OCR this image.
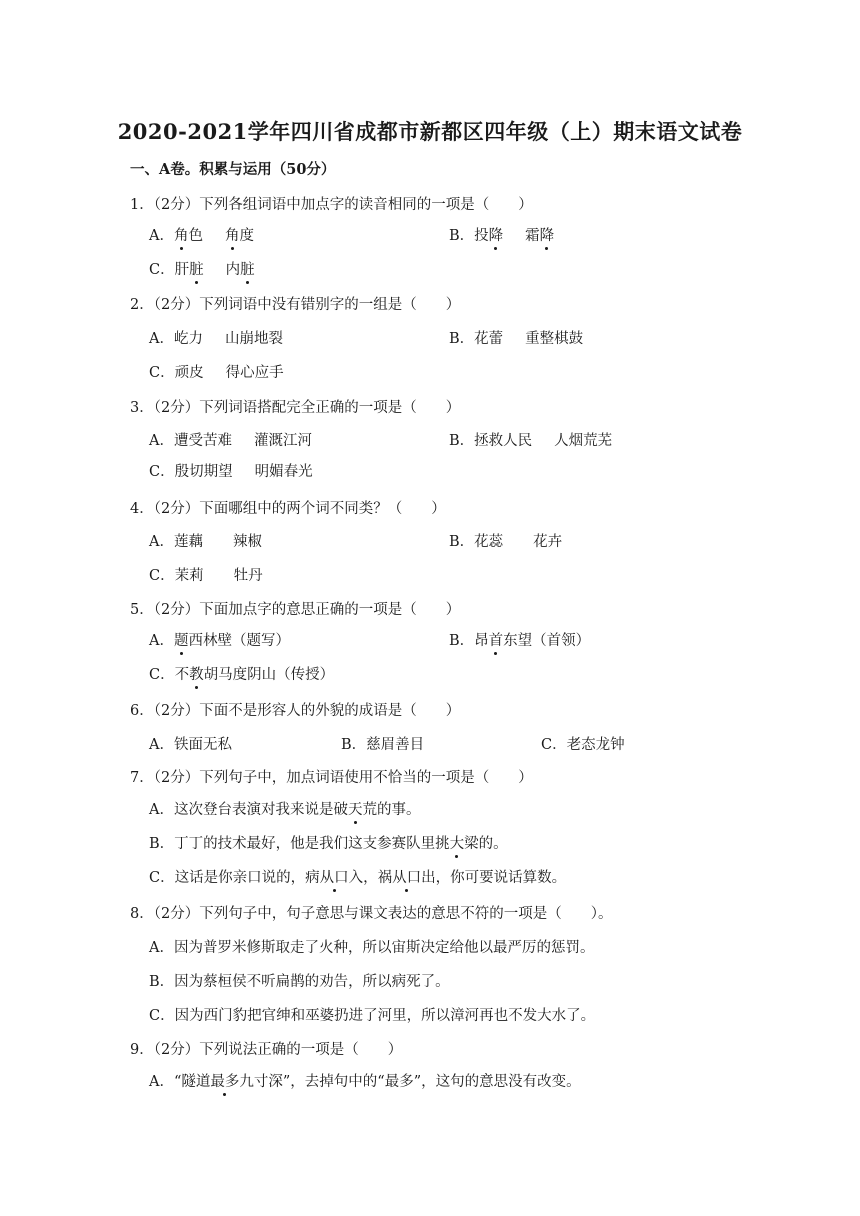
2020-2021学年四川省成都市新都区四年级（上）期末语文试卷
一、A卷。积累与运用（50分）
1．（2分）下列各组词语中加点字的读音相同的一项是（　　）
A．角色 角度	B．投降 霜降
C．肝脏 内脏
2．（2分）下列词语中没有错别字的一组是（　　）
A．屹力 山崩地裂	B．花蕾 重整棋鼓
C．顽皮 得心应手
3．（2分）下列词语搭配完全正确的一项是（　　）
A．遭受苦难 灌溉江河	B．拯救人民 人烟荒芜
C．殷切期望 明媚春光
4．（2分）下面哪组中的两个词不同类？（　　）
A．莲藕 辣椒	B．花蕊 花卉
C．茉莉 牡丹
5．（2分）下面加点字的意思正确的一项是（　　）
A．题西林壁（题写）	B．昂首东望（首领）
C．不教胡马度阴山（传授）
6．（2分）下面不是形容人的外貌的成语是（　　）
A．铁面无私	B．慈眉善目	C．老态龙钟
7．（2分）下列句子中，加点词语使用不恰当的一项是（　　）
A．这次登台表演对我来说是破天荒的事。
B．丁丁的技术最好，他是我们这支参赛队里挑大梁的。
C．这话是你亲口说的，病从口入，祸从口出，你可要说话算数。
8．（2分）下列句子中，句子意思与课文表达的意思不符的一项是（　　）。
A．因为普罗米修斯取走了火种，所以宙斯决定给他以最严厉的惩罚。
B．因为蔡桓侯不听扁鹊的劝告，所以病死了。
C．因为西门豹把官绅和巫婆扔进了河里，所以漳河再也不发大水了。
9．（2分）下列说法正确的一项是（　　）
A．“隧道最多九寸深”，去掉句中的“最多”，这句的意思没有改变。
